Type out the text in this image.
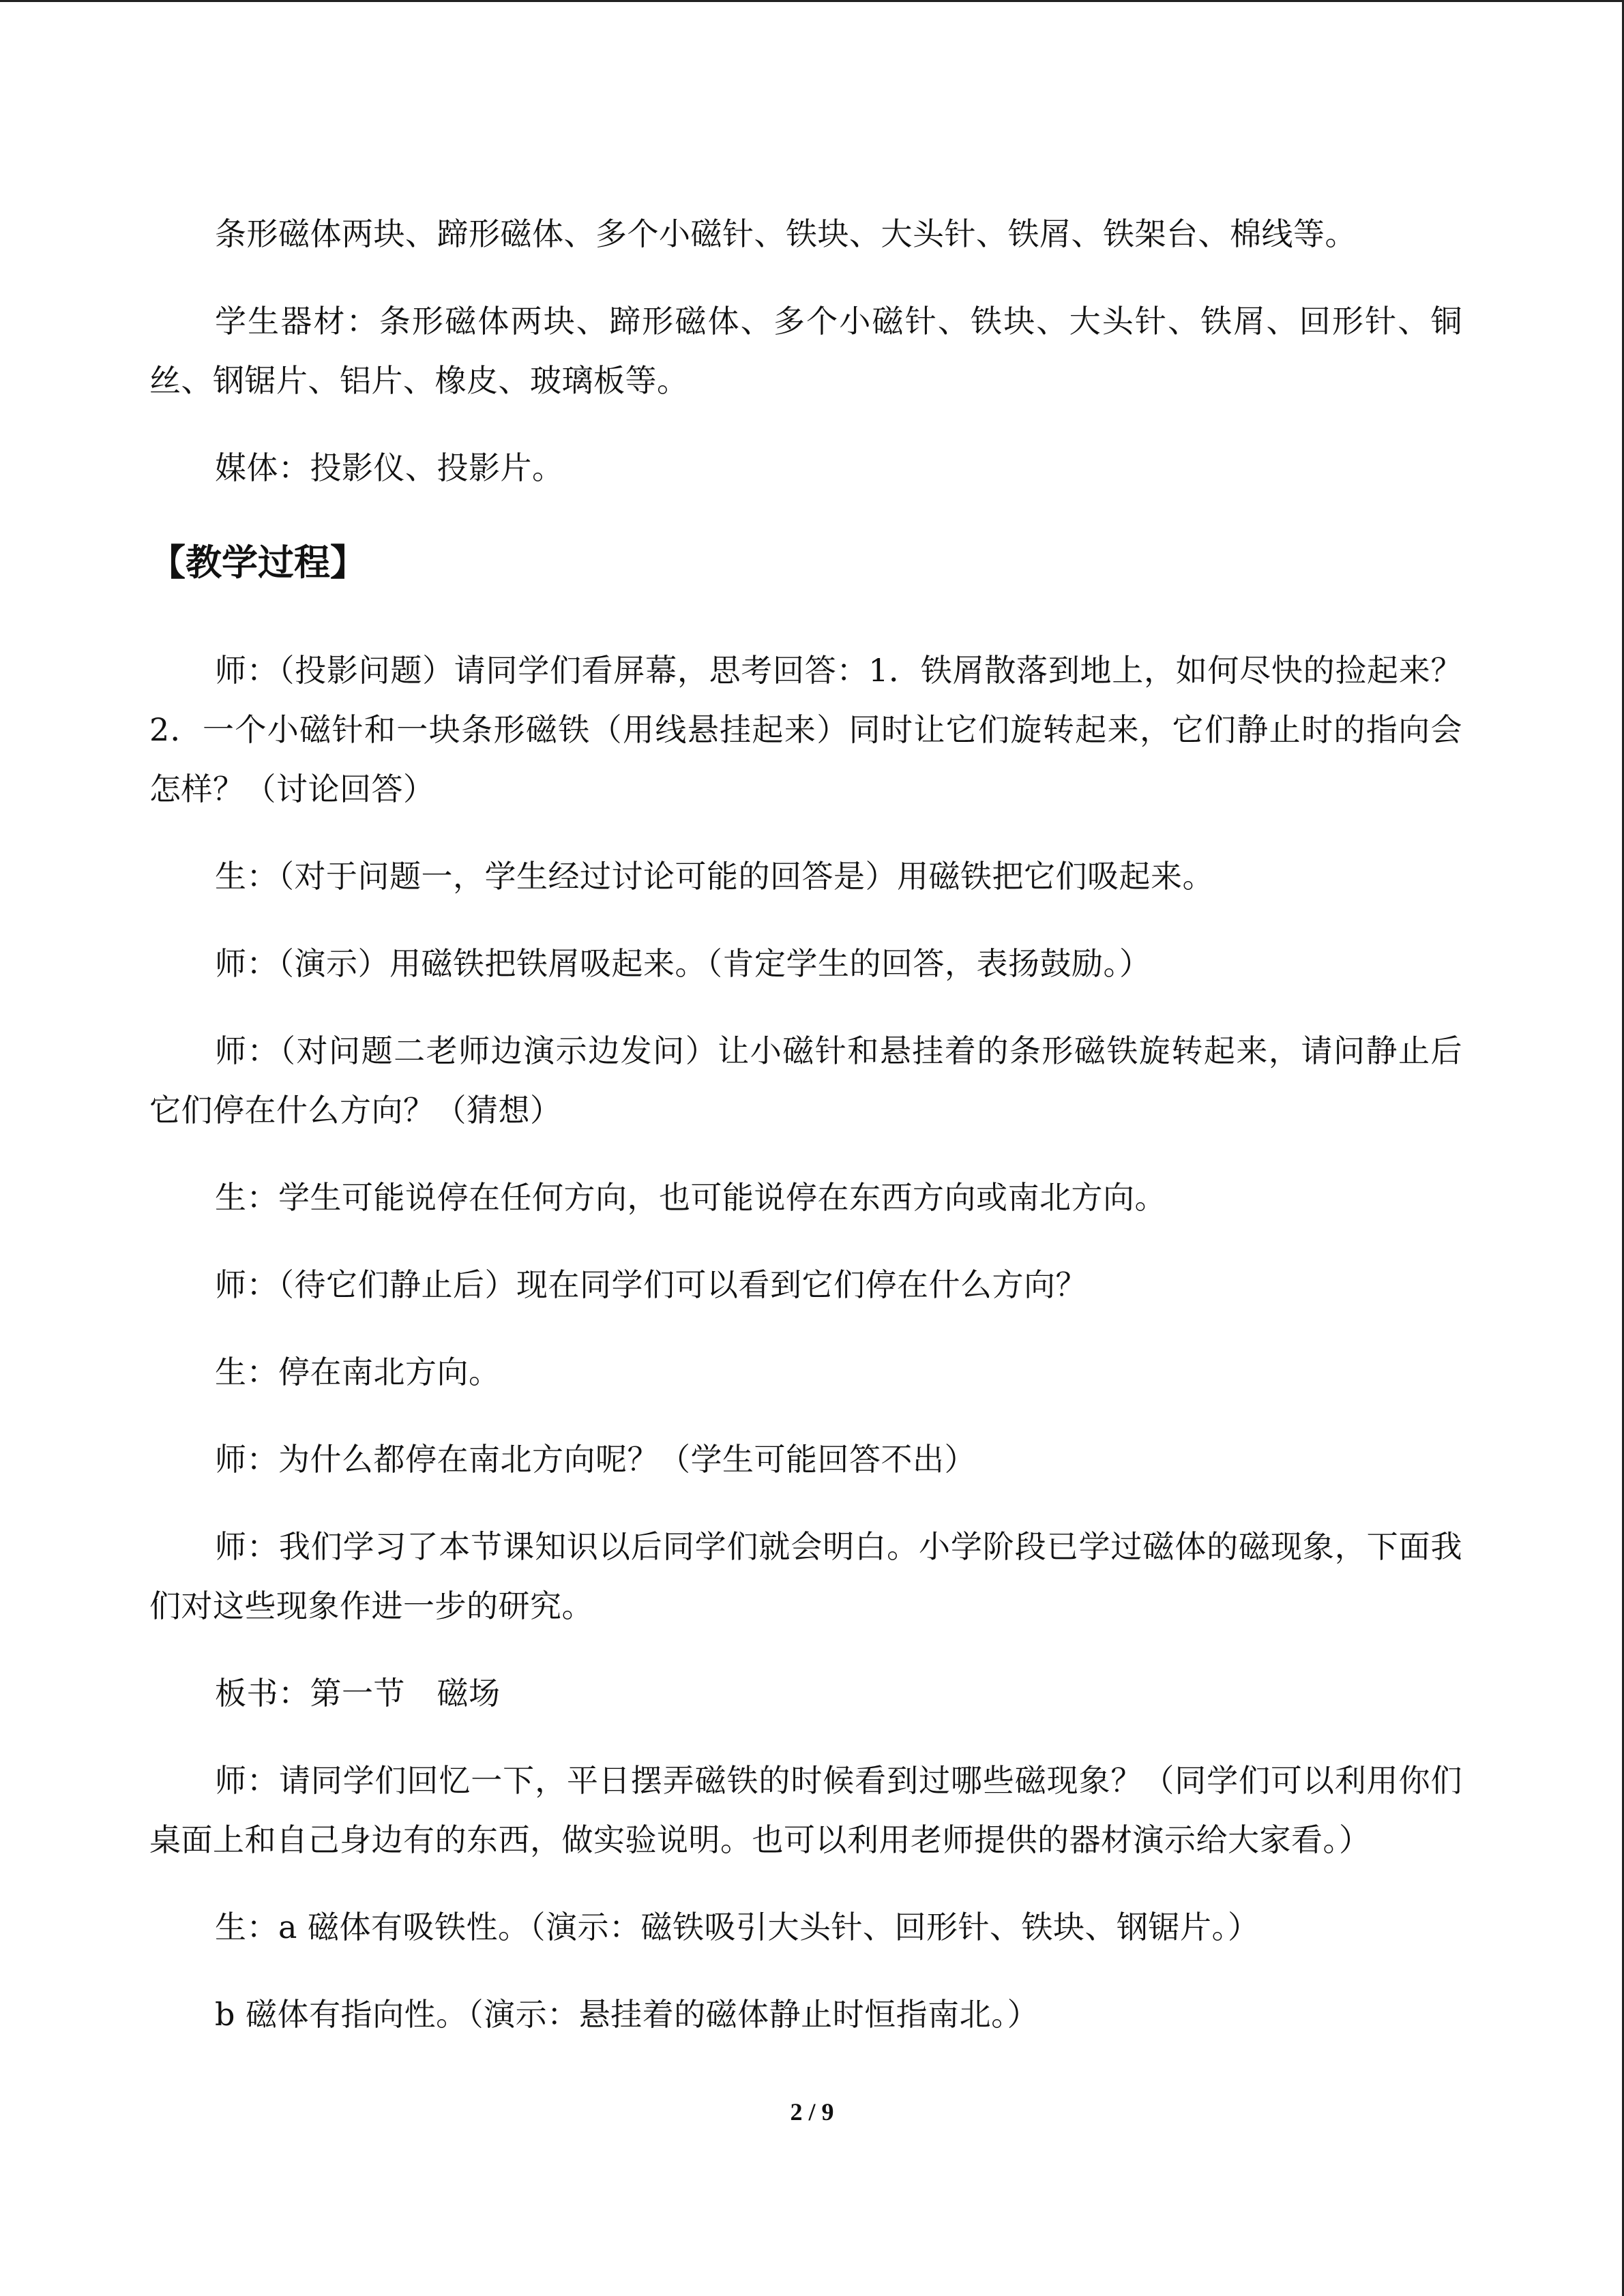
条形磁体两块、蹄形磁体、多个小磁针、铁块、大头针、铁屑、铁架台、棉线等。

学生器材：条形磁体两块、蹄形磁体、多个小磁针、铁块、大头针、铁屑、回形针、铜丝、钢锯片、铝片、橡皮、玻璃板等。

媒体：投影仪、投影片。

【教学过程】

师：（投影问题）请同学们看屏幕，思考回答：1．铁屑散落到地上，如何尽快的捡起来？2．一个小磁针和一块条形磁铁（用线悬挂起来）同时让它们旋转起来，它们静止时的指向会怎样？（讨论回答）

生：（对于问题一，学生经过讨论可能的回答是）用磁铁把它们吸起来。

师：（演示）用磁铁把铁屑吸起来。（肯定学生的回答，表扬鼓励。）

师：（对问题二老师边演示边发问）让小磁针和悬挂着的条形磁铁旋转起来，请问静止后它们停在什么方向？（猜想）

生：学生可能说停在任何方向，也可能说停在东西方向或南北方向。

师：（待它们静止后）现在同学们可以看到它们停在什么方向？

生：停在南北方向。

师：为什么都停在南北方向呢？（学生可能回答不出）

师：我们学习了本节课知识以后同学们就会明白。小学阶段已学过磁体的磁现象，下面我们对这些现象作进一步的研究。

板书：第一节　磁场

师：请同学们回忆一下，平日摆弄磁铁的时候看到过哪些磁现象？（同学们可以利用你们桌面上和自己身边有的东西，做实验说明。也可以利用老师提供的器材演示给大家看。）

生：a 磁体有吸铁性。（演示：磁铁吸引大头针、回形针、铁块、钢锯片。）

b 磁体有指向性。（演示：悬挂着的磁体静止时恒指南北。）

2 / 9
